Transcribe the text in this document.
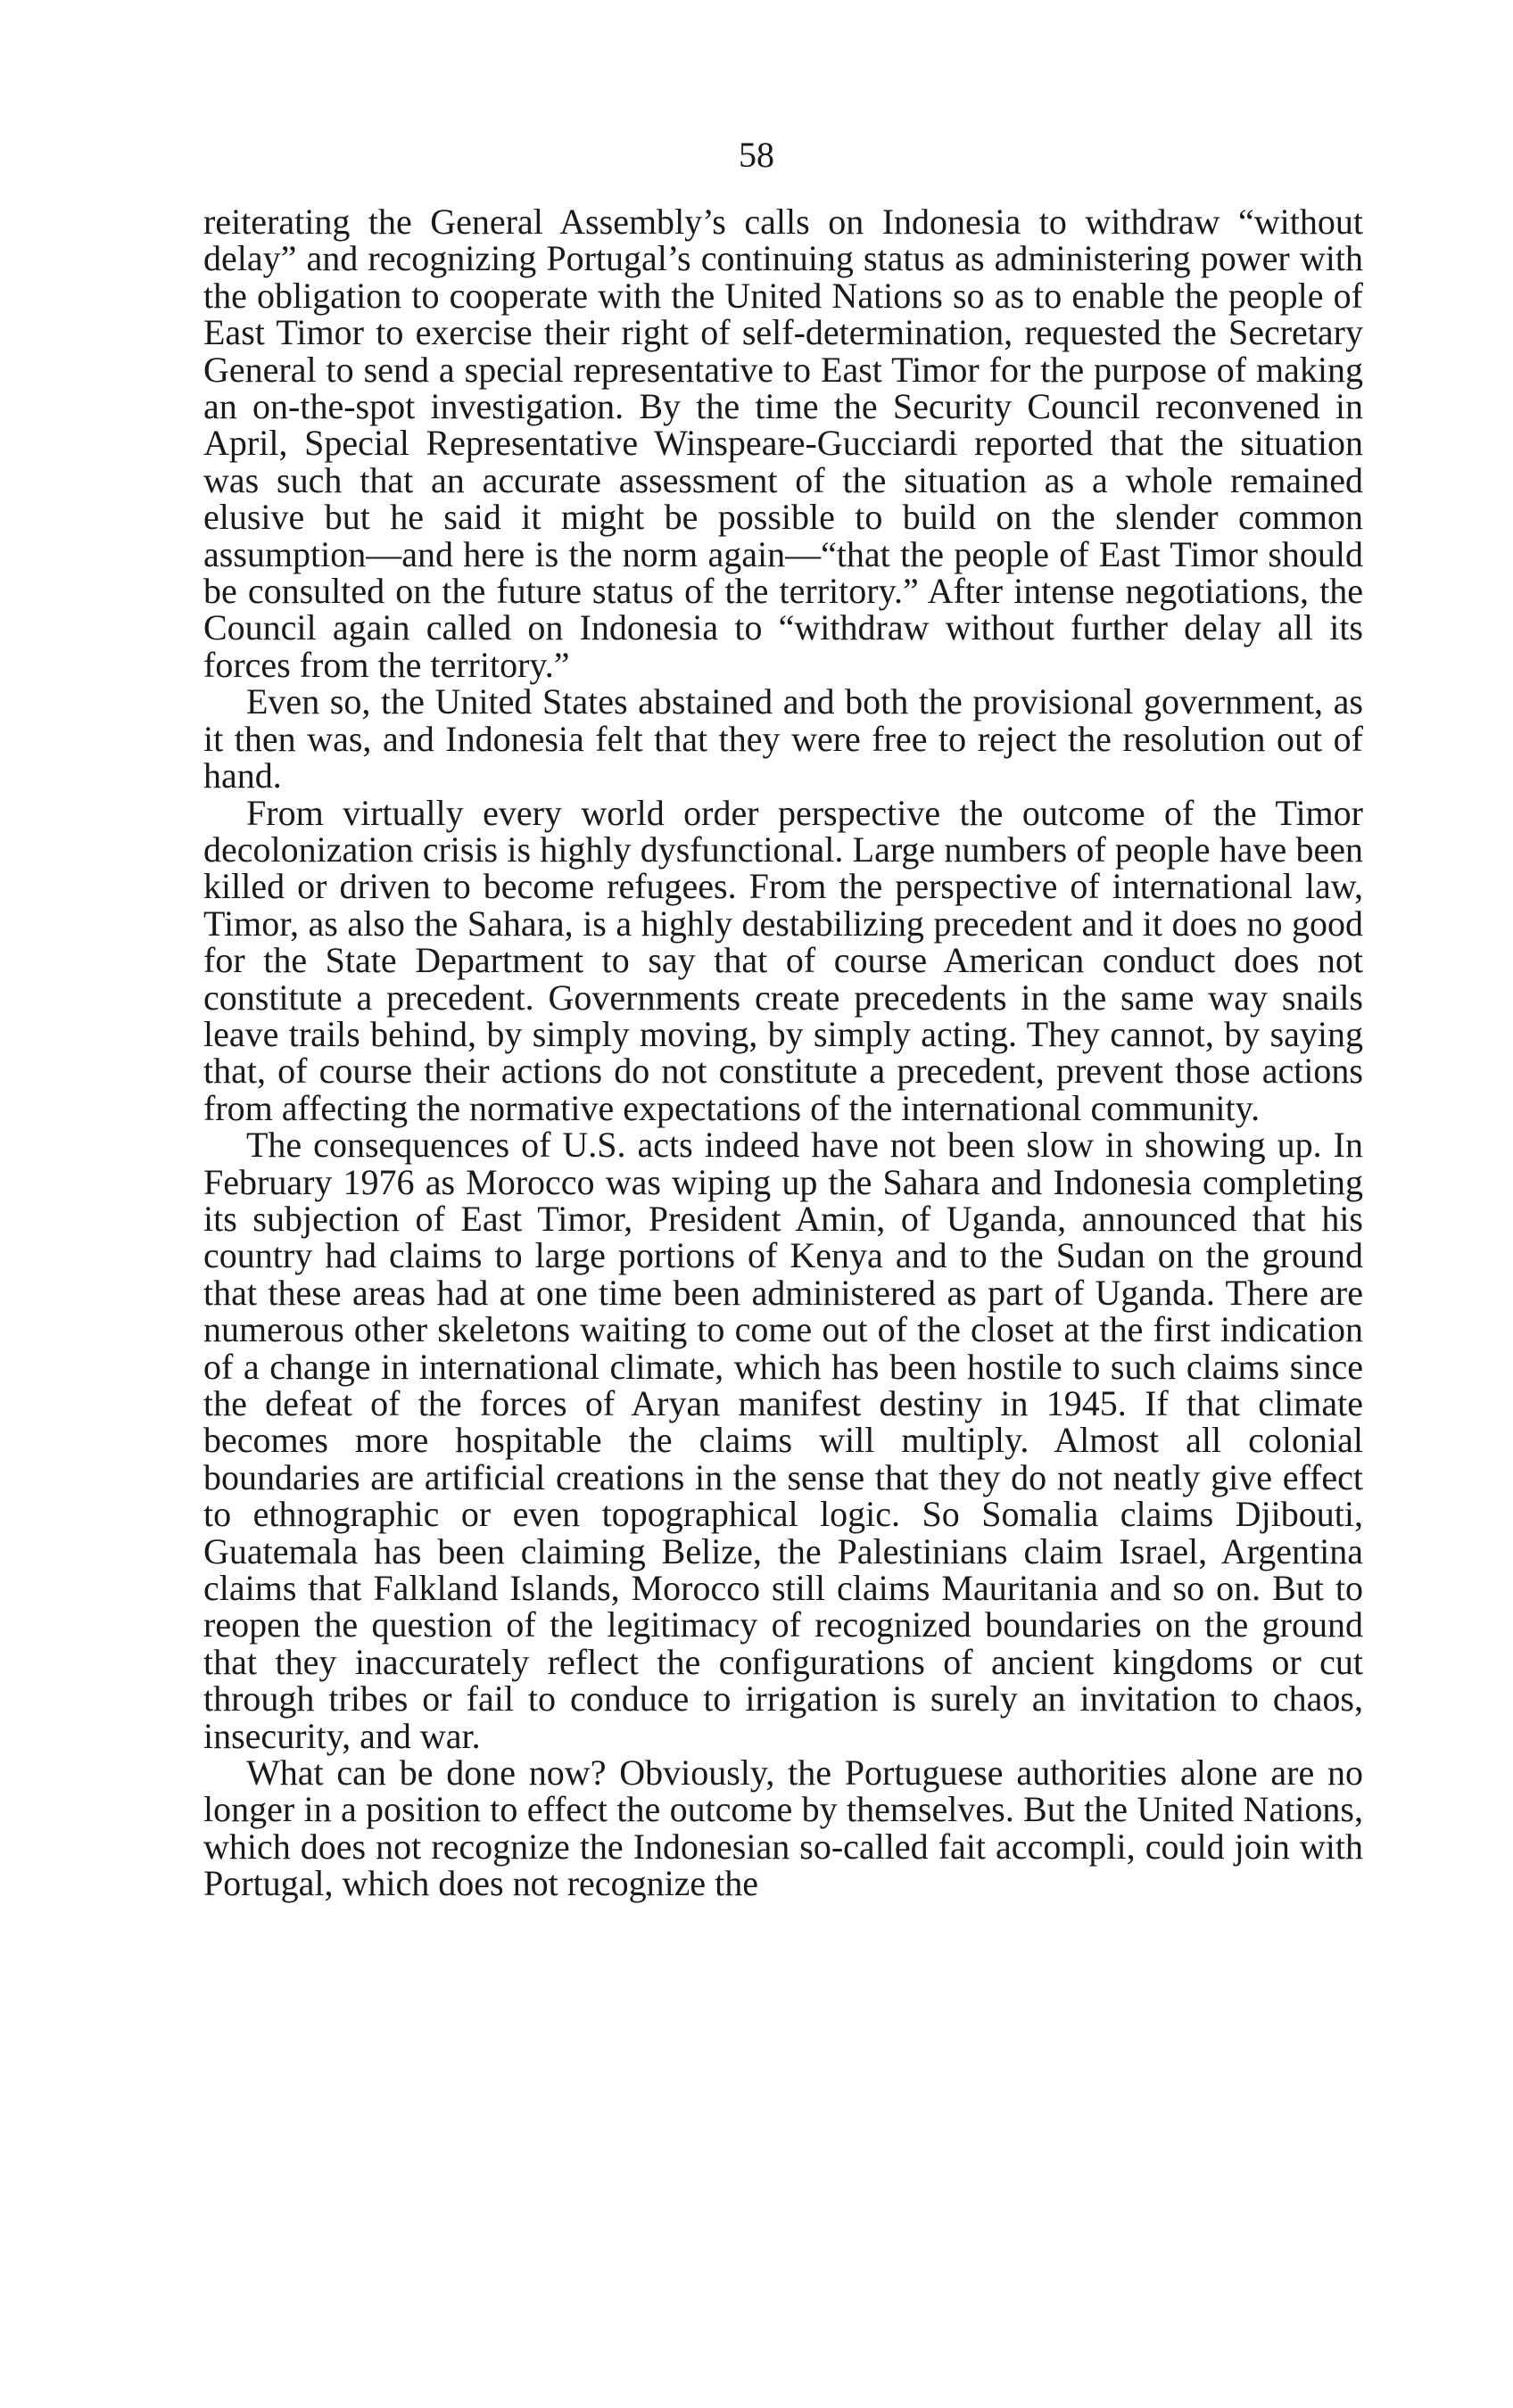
58

reiterating the General Assembly’s calls on Indonesia to withdraw “without delay” and recognizing Portugal’s continuing status as administering power with the obligation to cooperate with the United Nations so as to enable the people of East Timor to exercise their right of self-determination, requested the Secretary General to send a special representative to East Timor for the purpose of making an on-the-spot investigation. By the time the Security Council reconvened in April, Special Representative Winspeare-Gucciardi reported that the situation was such that an accurate assessment of the situation as a whole remained elusive but he said it might be possible to build on the slender common assumption—and here is the norm again—“that the people of East Timor should be consulted on the future status of the territory.” After intense negotiations, the Council again called on Indonesia to “withdraw without further delay all its forces from the territory.”

Even so, the United States abstained and both the provisional government, as it then was, and Indonesia felt that they were free to reject the resolution out of hand.

From virtually every world order perspective the outcome of the Timor decolonization crisis is highly dysfunctional. Large numbers of people have been killed or driven to become refugees. From the perspective of international law, Timor, as also the Sahara, is a highly destabilizing precedent and it does no good for the State Department to say that of course American conduct does not constitute a precedent. Governments create precedents in the same way snails leave trails behind, by simply moving, by simply acting. They cannot, by saying that, of course their actions do not constitute a precedent, prevent those actions from affecting the normative expectations of the international community.

The consequences of U.S. acts indeed have not been slow in showing up. In February 1976 as Morocco was wiping up the Sahara and Indonesia completing its subjection of East Timor, President Amin, of Uganda, announced that his country had claims to large portions of Kenya and to the Sudan on the ground that these areas had at one time been administered as part of Uganda. There are numerous other skeletons waiting to come out of the closet at the first indication of a change in international climate, which has been hostile to such claims since the defeat of the forces of Aryan manifest destiny in 1945. If that climate becomes more hospitable the claims will multiply. Almost all colonial boundaries are artificial creations in the sense that they do not neatly give effect to ethnographic or even topographical logic. So Somalia claims Djibouti, Guatemala has been claiming Belize, the Palestinians claim Israel, Argentina claims that Falkland Islands, Morocco still claims Mauritania and so on. But to reopen the question of the legitimacy of recognized boundaries on the ground that they inaccurately reflect the configurations of ancient kingdoms or cut through tribes or fail to conduce to irrigation is surely an invitation to chaos, insecurity, and war.

What can be done now? Obviously, the Portuguese authorities alone are no longer in a position to effect the outcome by themselves. But the United Nations, which does not recognize the Indonesian so-called fait accompli, could join with Portugal, which does not recognize the
